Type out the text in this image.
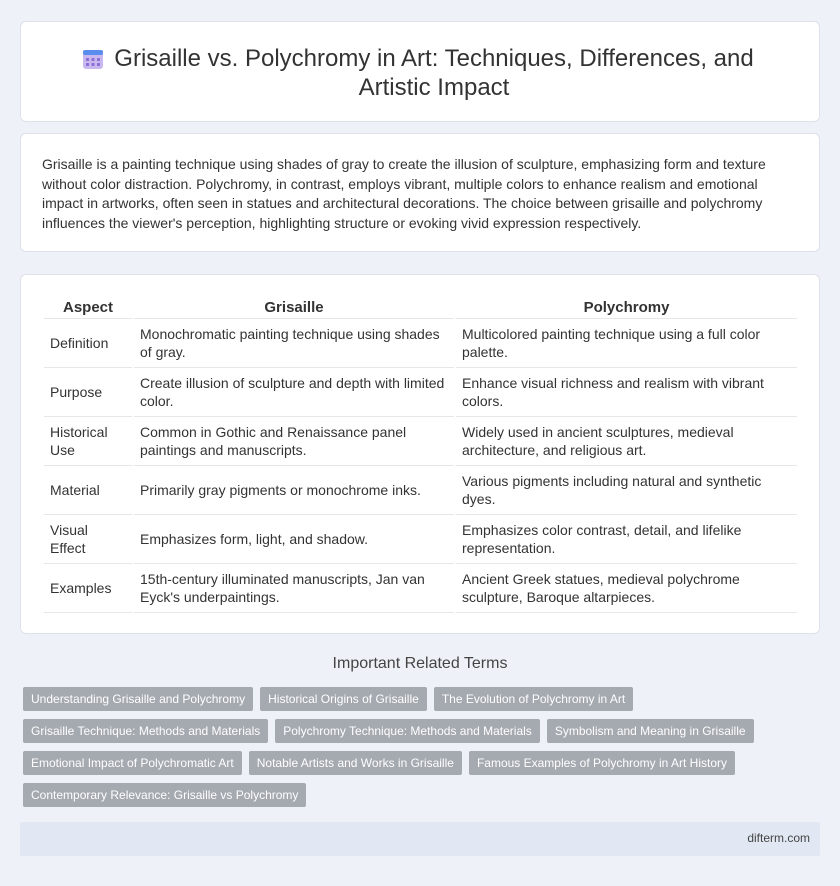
Grisaille vs. Polychromy in Art: Techniques, Differences, and Artistic Impact

Grisaille is a painting technique using shades of gray to create the illusion of sculpture, emphasizing form and texture without color distraction. Polychromy, in contrast, employs vibrant, multiple colors to enhance realism and emotional impact in artworks, often seen in statues and architectural decorations. The choice between grisaille and polychromy influences the viewer's perception, highlighting structure or evoking vivid expression respectively.

Aspect	Grisaille	Polychromy
Definition	Monochromatic painting technique using shades of gray.	Multicolored painting technique using a full color palette.
Purpose	Create illusion of sculpture and depth with limited color.	Enhance visual richness and realism with vibrant colors.
Historical Use	Common in Gothic and Renaissance panel paintings and manuscripts.	Widely used in ancient sculptures, medieval architecture, and religious art.
Material	Primarily gray pigments or monochrome inks.	Various pigments including natural and synthetic dyes.
Visual Effect	Emphasizes form, light, and shadow.	Emphasizes color contrast, detail, and lifelike representation.
Examples	15th-century illuminated manuscripts, Jan van Eyck's underpaintings.	Ancient Greek statues, medieval polychrome sculpture, Baroque altarpieces.
Important Related Terms
Understanding Grisaille and Polychromy	Historical Origins of Grisaille	The Evolution of Polychromy in Art
Grisaille Technique: Methods and Materials	Polychromy Technique: Methods and Materials	Symbolism and Meaning in Grisaille
Emotional Impact of Polychromatic Art	Notable Artists and Works in Grisaille	Famous Examples of Polychromy in Art History
Contemporary Relevance: Grisaille vs Polychromy
difterm.com
